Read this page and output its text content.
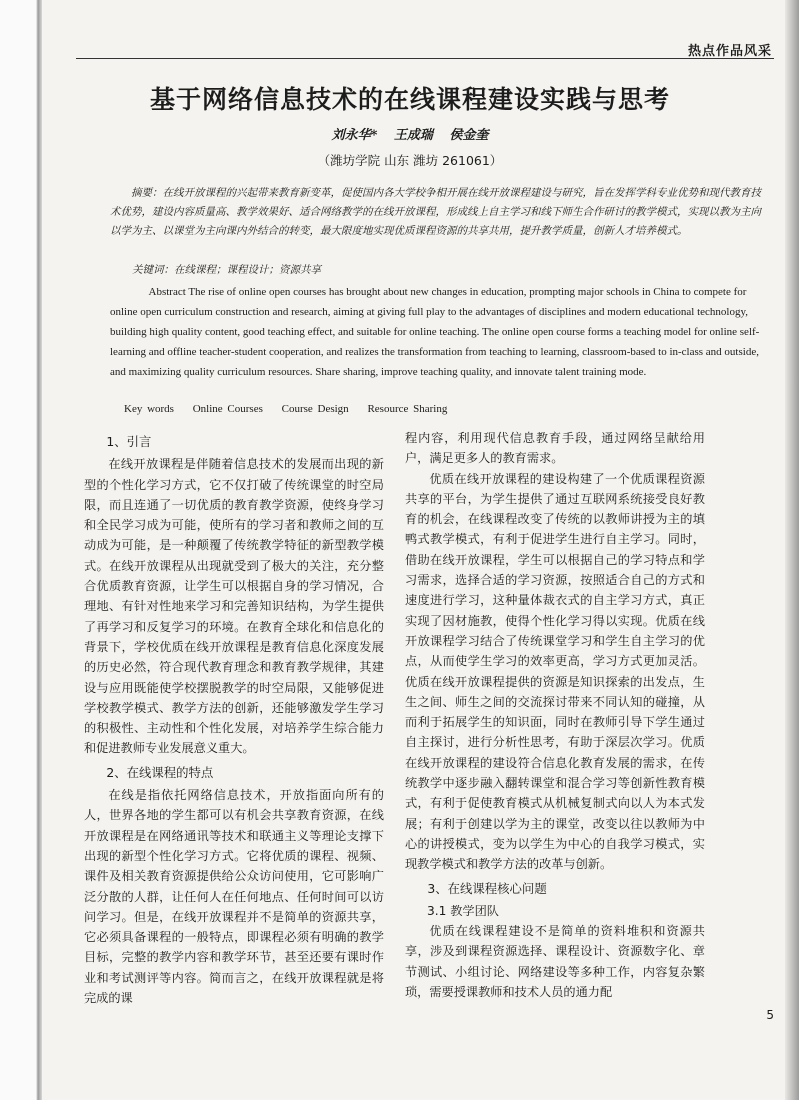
热点作品风采
基于网络信息技术的在线课程建设实践与思考
刘永华* 王成瑞 侯金奎
（潍坊学院 山东 潍坊 261061）
摘要：在线开放课程的兴起带来教育新变革，促使国内各大学校争相开展在线开放课程建设与研究，旨在发挥学科专业优势和现代教育技术优势，建设内容质量高、教学效果好、适合网络教学的在线开放课程，形成线上自主学习和线下师生合作研讨的教学模式，实现以教为主向以学为主、以课堂为主向课内外结合的转变，最大限度地实现优质课程资源的共享共用，提升教学质量，创新人才培养模式。
关键词：在线课程；课程设计；资源共享
Abstract The rise of online open courses has brought about new changes in education, prompting major schools in China to compete for online open curriculum construction and research, aiming at giving full play to the advantages of disciplines and modern educational technology, building high quality content, good teaching effect, and suitable for online teaching. The online open course forms a teaching model for online self-learning and offline teacher-student cooperation, and realizes the transformation from teaching to learning, classroom-based to in-class and outside, and maximizing quality curriculum resources. Share sharing, improve teaching quality, and innovate talent training mode.
Key words Online Courses Course Design Resource Sharing
1、引言

在线开放课程是伴随着信息技术的发展而出现的新型的个性化学习方式，它不仅打破了传统课堂的时空局限，而且连通了一切优质的教育教学资源，使终身学习和全民学习成为可能，使所有的学习者和教师之间的互动成为可能，是一种颠覆了传统教学特征的新型教学模式。在线开放课程从出现就受到了极大的关注，充分整合优质教育资源，让学生可以根据自身的学习情况，合理地、有针对性地来学习和完善知识结构，为学生提供了再学习和反复学习的环境。在教育全球化和信息化的背景下，学校优质在线开放课程是教育信息化深度发展的历史必然，符合现代教育理念和教育教学规律，其建设与应用既能使学校摆脱教学的时空局限，又能够促进学校教学模式、教学方法的创新，还能够激发学生学习的积极性、主动性和个性化发展，对培养学生综合能力和促进教师专业发展意义重大。

2、在线课程的特点

在线是指依托网络信息技术，开放指面向所有的人，世界各地的学生都可以有机会共享教育资源，在线开放课程是在网络通讯等技术和联通主义等理论支撑下出现的新型个性化学习方式。它将优质的课程、视频、课件及相关教育资源提供给公众访问使用，它可影响广泛分散的人群，让任何人在任何地点、任何时间可以访问学习。但是，在线开放课程并不是简单的资源共享，它必须具备课程的一般特点，即课程必须有明确的教学目标，完整的教学内容和教学环节，甚至还要有课时作业和考试测评等内容。简而言之，在线开放课程就是将完成的课

程内容，利用现代信息教育手段，通过网络呈献给用户，满足更多人的教育需求。

优质在线开放课程的建设构建了一个优质课程资源共享的平台，为学生提供了通过互联网系统接受良好教育的机会，在线课程改变了传统的以教师讲授为主的填鸭式教学模式，有利于促进学生进行自主学习。同时，借助在线开放课程，学生可以根据自己的学习特点和学习需求，选择合适的学习资源，按照适合自己的方式和速度进行学习，这种量体裁衣式的自主学习方式，真正实现了因材施教，使得个性化学习得以实现。优质在线开放课程学习结合了传统课堂学习和学生自主学习的优点，从而使学生学习的效率更高，学习方式更加灵活。优质在线开放课程提供的资源是知识探索的出发点，生生之间、师生之间的交流探讨带来不同认知的碰撞，从而利于拓展学生的知识面，同时在教师引导下学生通过自主探讨，进行分析性思考，有助于深层次学习。优质在线开放课程的建设符合信息化教育发展的需求，在传统教学中逐步融入翻转课堂和混合学习等创新性教育模式，有利于促使教育模式从机械复制式向以人为本式发展；有利于创建以学为主的课堂，改变以往以教师为中心的讲授模式，变为以学生为中心的自我学习模式，实现教学模式和教学方法的改革与创新。

3、在线课程核心问题
3.1 教学团队

优质在线课程建设不是简单的资料堆积和资源共享，涉及到课程资源选择、课程设计、资源数字化、章节测试、小组讨论、网络建设等多种工作，内容复杂繁琐，需要授课教师和技术人员的通力配

5
